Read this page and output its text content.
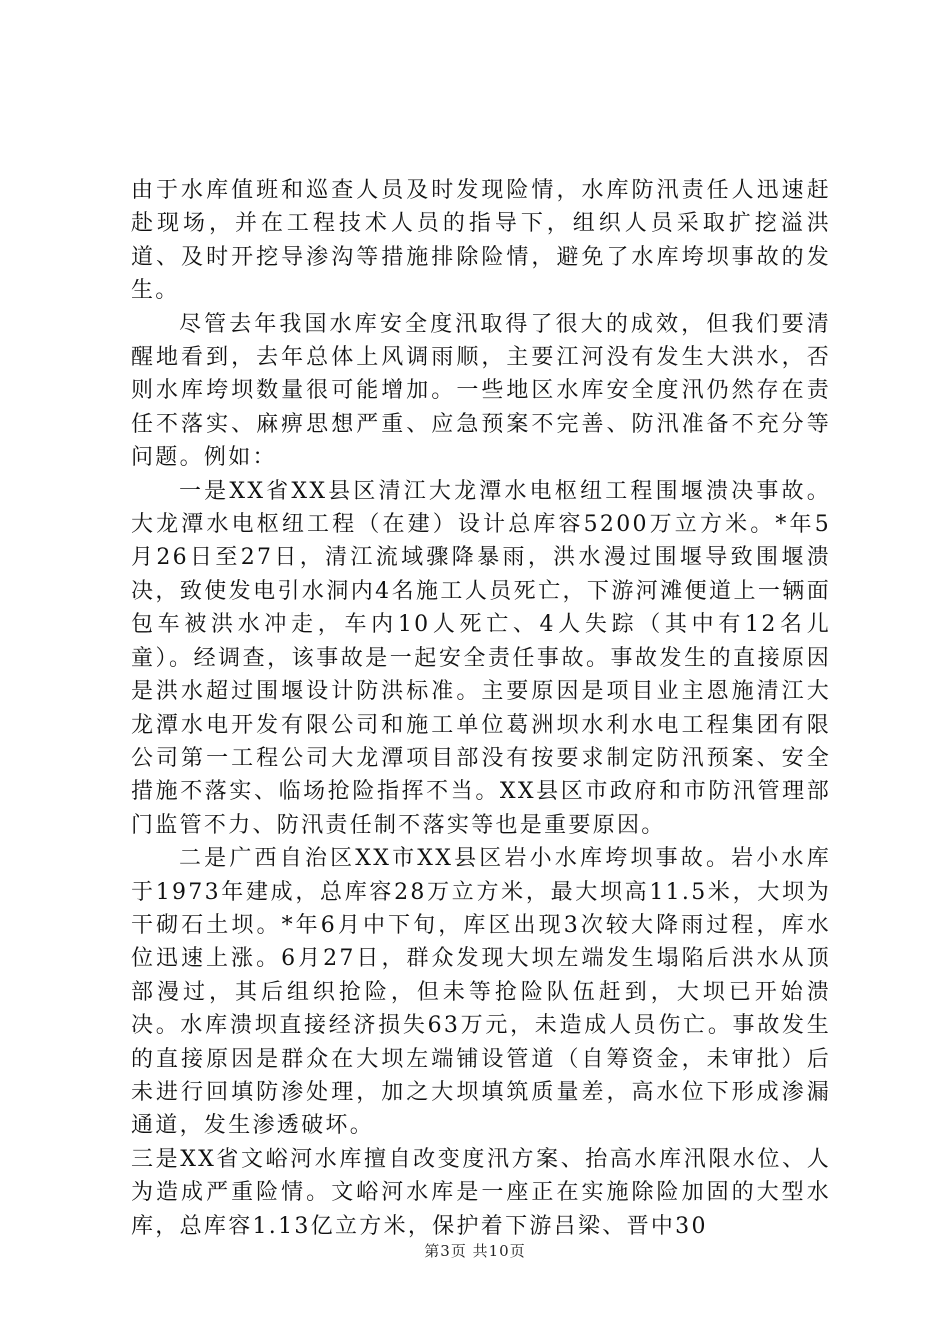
由于水库值班和巡查人员及时发现险情，水库防汛责任人迅速赶赴现场，并在工程技术人员的指导下，组织人员采取扩挖溢洪道、及时开挖导渗沟等措施排除险情，避免了水库垮坝事故的发生。

尽管去年我国水库安全度汛取得了很大的成效，但我们要清醒地看到，去年总体上风调雨顺，主要江河没有发生大洪水，否则水库垮坝数量很可能增加。一些地区水库安全度汛仍然存在责任不落实、麻痹思想严重、应急预案不完善、防汛准备不充分等问题。例如：

一是XX省XX县区清江大龙潭水电枢纽工程围堰溃决事故。大龙潭水电枢纽工程（在建）设计总库容5200万立方米。*年5月26日至27日，清江流域骤降暴雨，洪水漫过围堰导致围堰溃决，致使发电引水洞内4名施工人员死亡，下游河滩便道上一辆面包车被洪水冲走，车内10人死亡、4人失踪（其中有12名儿童）。经调查，该事故是一起安全责任事故。事故发生的直接原因是洪水超过围堰设计防洪标准。主要原因是项目业主恩施清江大龙潭水电开发有限公司和施工单位葛洲坝水利水电工程集团有限公司第一工程公司大龙潭项目部没有按要求制定防汛预案、安全措施不落实、临场抢险指挥不当。XX县区市政府和市防汛管理部门监管不力、防汛责任制不落实等也是重要原因。

二是广西自治区XX市XX县区岩小水库垮坝事故。岩小水库于1973年建成，总库容28万立方米，最大坝高11.5米，大坝为干砌石土坝。*年6月中下旬，库区出现3次较大降雨过程，库水位迅速上涨。6月27日，群众发现大坝左端发生塌陷后洪水从顶部漫过，其后组织抢险，但未等抢险队伍赶到，大坝已开始溃决。水库溃坝直接经济损失63万元，未造成人员伤亡。事故发生的直接原因是群众在大坝左端铺设管道（自筹资金，未审批）后未进行回填防渗处理，加之大坝填筑质量差，高水位下形成渗漏通道，发生渗透破坏。

三是XX省文峪河水库擅自改变度汛方案、抬高水库汛限水位、人为造成严重险情。文峪河水库是一座正在实施除险加固的大型水库，总库容1.13亿立方米，保护着下游吕梁、晋中30

第3页 共10页
